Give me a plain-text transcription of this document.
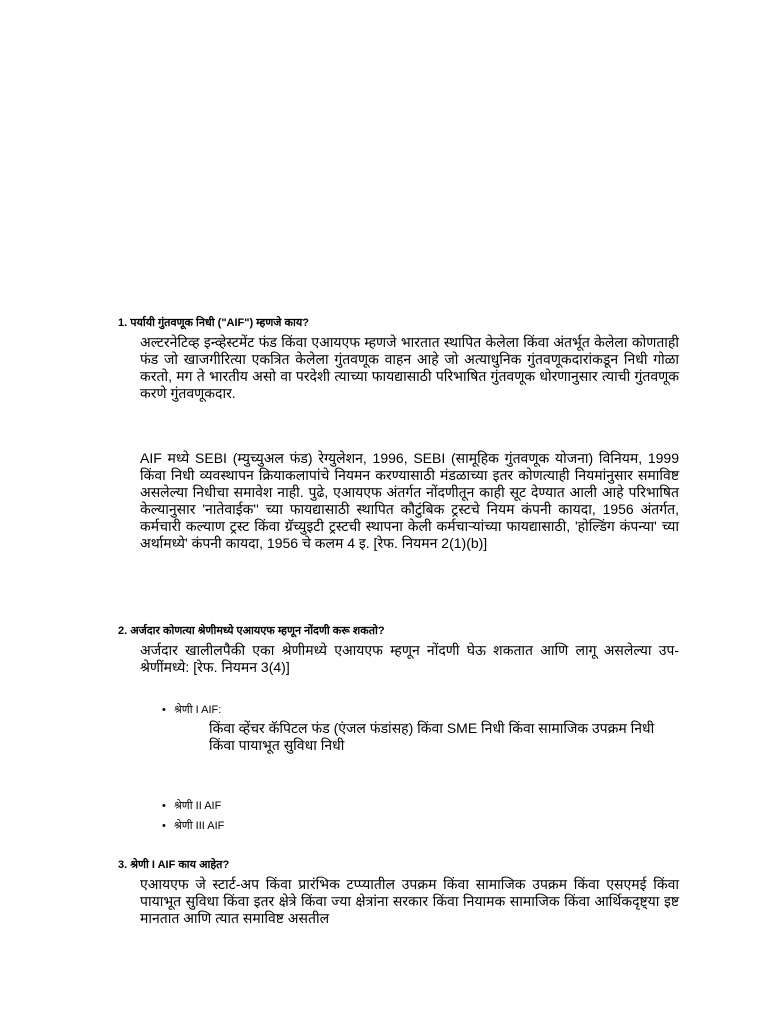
.
1. पर्यायी गुंतवणूक निधी ("AIF") म्हणजे काय?
अल्टरनेटिव्ह इन्व्हेस्टमेंट फंड किंवा एआयएफ म्हणजे भारतात स्थापित केलेला किंवा अंतर्भूत केलेला कोणताही फंड जो खाजगीरित्या एकत्रित केलेला गुंतवणूक वाहन आहे जो अत्याधुनिक गुंतवणूकदारांकडून निधी गोळा करतो, मग ते भारतीय असो वा परदेशी त्याच्या फायद्यासाठी परिभाषित गुंतवणूक धोरणानुसार त्याची गुंतवणूक करणे गुंतवणूकदार.
AIF मध्ये SEBI (म्युच्युअल फंड) रेग्युलेशन, 1996, SEBI (सामूहिक गुंतवणूक योजना) विनियम, 1999 किंवा निधी व्यवस्थापन क्रियाकलापांचे नियमन करण्यासाठी मंडळाच्या इतर कोणत्याही नियमांनुसार समाविष्ट असलेल्या निधीचा समावेश नाही. पुढे, एआयएफ अंतर्गत नोंदणीतून काही सूट देण्यात आली आहे परिभाषित केल्यानुसार 'नातेवाईक'' च्या फायद्यासाठी स्थापित कौटुंबिक ट्रस्टचे नियम कंपनी कायदा, 1956 अंतर्गत, कर्मचारी कल्याण ट्रस्ट किंवा ग्रॅच्युइटी ट्रस्टची स्थापना केली कर्मचाऱ्यांच्या फायद्यासाठी, 'होल्डिंग कंपन्या' च्या अर्थामध्ये' कंपनी कायदा, 1956 चे कलम 4 इ. [रेफ. नियमन 2(1)(b)]
2. अर्जदार कोणत्या श्रेणीमध्ये एआयएफ म्हणून नोंदणी करू शकतो?
अर्जदार खालीलपैकी एका श्रेणीमध्ये एआयएफ म्हणून नोंदणी घेऊ शकतात आणि लागू असलेल्या उप-श्रेणींमध्ये: [रेफ. नियमन 3(4)]
• श्रेणी I AIF:
किंवा व्हेंचर कॅपिटल फंड (एंजल फंडांसह) किंवा SME निधी किंवा सामाजिक उपक्रम निधी किंवा पायाभूत सुविधा निधी
• श्रेणी II AIF
• श्रेणी III AIF
3. श्रेणी I AIF काय आहेत?
एआयएफ जे स्टार्ट-अप किंवा प्रारंभिक टप्प्यातील उपक्रम किंवा सामाजिक उपक्रम किंवा एसएमई किंवा पायाभूत सुविधा किंवा इतर क्षेत्रे किंवा ज्या क्षेत्रांना सरकार किंवा नियामक सामाजिक किंवा आर्थिकदृष्ट्या इष्ट मानतात आणि त्यात समाविष्ट असतील
